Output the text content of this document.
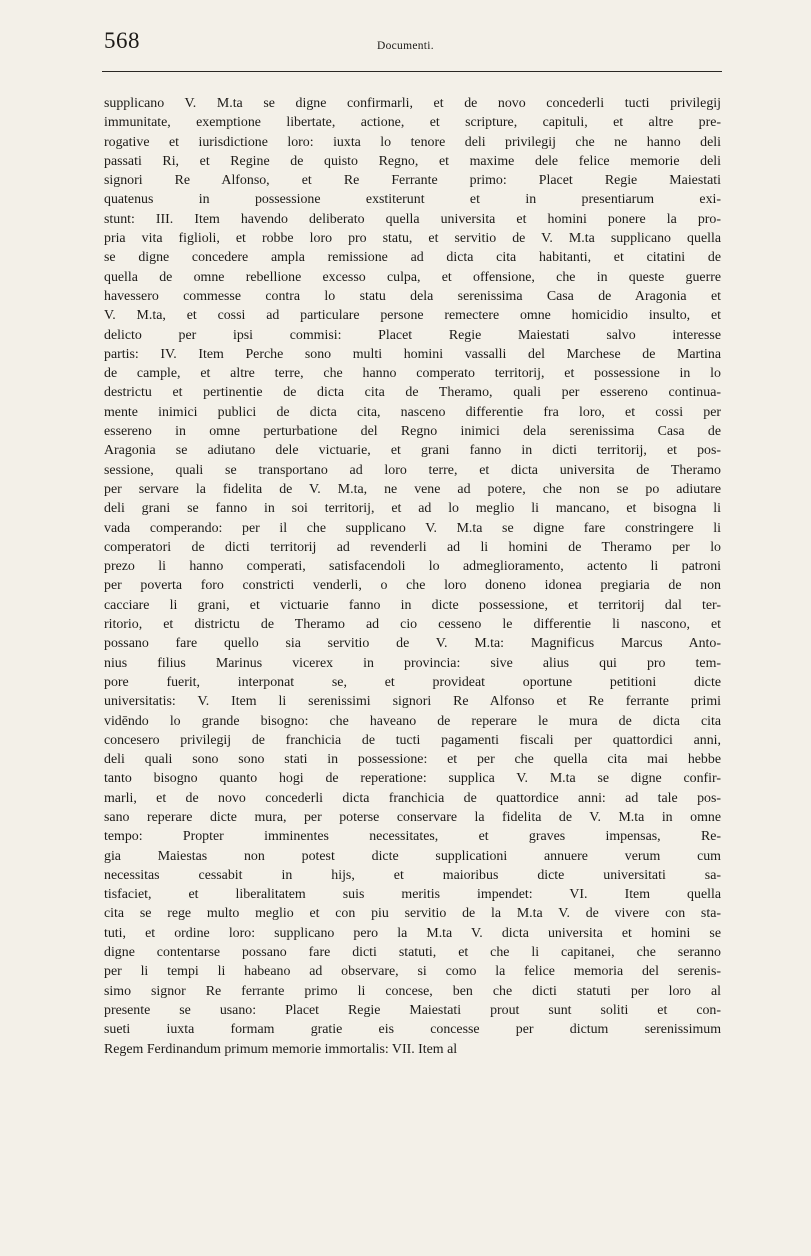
568	Documenti.
supplicano V. M.ta se digne confirmarli, et de novo concederli tucti privilegij
immunitate, exemptione libertate, actione, et scripture, capituli, et altre pre-
rogative et iurisdictione loro: iuxta lo tenore deli privilegij che ne hanno deli
passati Ri, et Regine de quisto Regno, et maxime dele felice memorie deli
signori Re Alfonso, et Re Ferrante primo: Placet Regie Maiestati
quatenus in possessione exstiterunt et in presentiarum exi-
stunt: III. Item havendo deliberato quella universita et homini ponere la pro-
pria vita figlioli, et robbe loro pro statu, et servitio de V. M.ta supplicano quella
se digne concedere ampla remissione ad dicta cita habitanti, et citatini de
quella de omne rebellione excesso culpa, et offensione, che in queste guerre
havessero commesse contra lo statu dela serenissima Casa de Aragonia et
V. M.ta, et cossi ad particulare persone remectere omne homicidio insulto, et
delicto per ipsi commisi: Placet Regie Maiestati salvo interesse
partis: IV. Item Perche sono multi homini vassalli del Marchese de Martina
de cample, et altre terre, che hanno comperato territorij, et possessione in lo
destrictu et pertinentie de dicta cita de Theramo, quali per essereno continua-
mente inimici publici de dicta cita, nasceno differentie fra loro, et cossi per
essereno in omne perturbatione del Regno inimici dela serenissima Casa de
Aragonia se adiutano dele victuarie, et grani fanno in dicti territorij, et pos-
sessione, quali se transportano ad loro terre, et dicta universita de Theramo
per servare la fidelita de V. M.ta, ne vene ad potere, che non se po adiutare
deli grani se fanno in soi territorij, et ad lo meglio li mancano, et bisogna li
vada comperando: per il che supplicano V. M.ta se digne fare constringere li
comperatori de dicti territorij ad revenderli ad li homini de Theramo per lo
prezo li hanno comperati, satisfacendoli lo admeglioramento, actento li patroni
per poverta foro constricti venderli, o che loro doneno idonea pregiaria de non
cacciare li grani, et victuarie fanno in dicte possessione, et territorij dal ter-
ritorio, et districtu de Theramo ad cio cesseno le differentie li nascono, et
possano fare quello sia servitio de V. M.ta: Magnificus Marcus Anto-
nius filius Marinus vicerex in provincia: sive alius qui pro tem-
pore fuerit, interponat se, et provideat oportune petitioni dicte
universitatis: V. Item li serenissimi signori Re Alfonso et Re ferrante primi
vidēndo lo grande bisogno: che haveano de reperare le mura de dicta cita
concesero privilegij de franchicia de tucti pagamenti fiscali per quattordici anni,
deli quali sono sono stati in possessione: et per che quella cita mai hebbe
tanto bisogno quanto hogi de reperatione: supplica V. M.ta se digne confir-
marli, et de novo concederli dicta franchicia de quattordice anni: ad tale pos-
sano reperare dicte mura, per poterse conservare la fidelita de V. M.ta in omne
tempo: Propter imminentes necessitates, et graves impensas, Re-
gia Maiestas non potest dicte supplicationi annuere verum cum
necessitas cessabit in hijs, et maioribus dicte universitati sa-
tisfaciet, et liberalitatem suis meritis impendet: VI. Item quella
cita se rege multo meglio et con piu servitio de la M.ta V. de vivere con sta-
tuti, et ordine loro: supplicano pero la M.ta V. dicta universita et homini se
digne contentarse possano fare dicti statuti, et che li capitanei, che seranno
per li tempi li habeano ad observare, si como la felice memoria del serenis-
simo signor Re ferrante primo li concese, ben che dicti statuti per loro al
presente se usano: Placet Regie Maiestati prout sunt soliti et con-
sueti iuxta formam gratie eis concesse per dictum serenissimum
Regem Ferdinandum primum memorie immortalis: VII. Item al
